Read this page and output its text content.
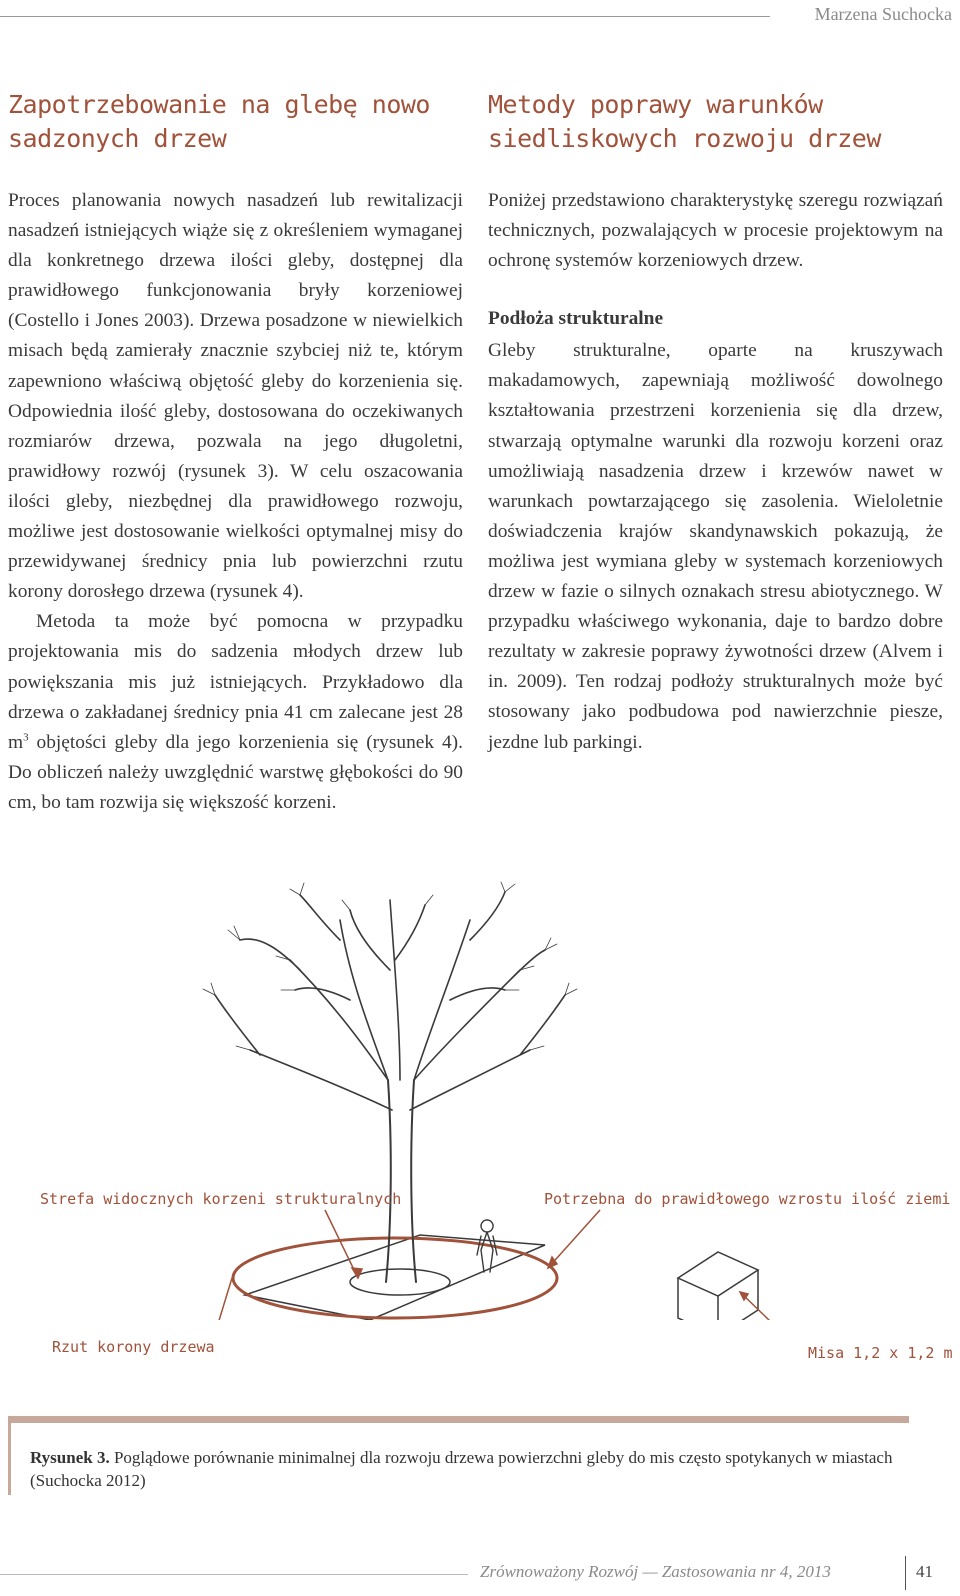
Marzena Suchocka
Zapotrzebowanie na glebę nowo sadzonych drzew

Proces planowania nowych nasadzeń lub rewitalizacji nasadzeń istniejących wiąże się z określeniem wymaganej dla konkretnego drzewa ilości gleby, dostępnej dla prawidłowego funkcjonowania bryły korzeniowej (Costello i Jones 2003). Drzewa posadzone w niewielkich misach będą zamierały znacznie szybciej niż te, którym zapewniono właściwą objętość gleby do korzenienia się. Odpowiednia ilość gleby, dostosowana do oczekiwanych rozmiarów drzewa, pozwala na jego długoletni, prawidłowy rozwój (rysunek 3). W celu oszacowania ilości gleby, niezbędnej dla prawidłowego rozwoju, możliwe jest dostosowanie wielkości optymalnej misy do przewidywanej średnicy pnia lub powierzchni rzutu korony dorosłego drzewa (rysunek 4).

Metoda ta może być pomocna w przypadku projektowania mis do sadzenia młodych drzew lub powiększania mis już istniejących. Przykładowo dla drzewa o zakładanej średnicy pnia 41 cm zalecane jest 28 $m^3$ objętości gleby dla jego korzenienia się (rysunek 4). Do obliczeń należy uwzględnić warstwę głębokości do 90 cm, bo tam rozwija się większość korzeni.

Metody poprawy warunków siedliskowych rozwoju drzew

Poniżej przedstawiono charakterystykę szeregu rozwiązań technicznych, pozwalających w procesie projektowym na ochronę systemów korzeniowych drzew.

Podłoża strukturalne

Gleby strukturalne, oparte na kruszywach makadamowych, zapewniają możliwość dowolnego kształtowania przestrzeni korzenienia się dla drzew, stwarzają optymalne warunki dla rozwoju korzeni oraz umożliwiają nasadzenia drzew i krzewów nawet w warunkach powtarzającego się zasolenia. Wieloletnie doświadczenia krajów skandynawskich pokazują, że możliwa jest wymiana gleby w systemach korzeniowych drzew w fazie o silnych oznakach stresu abiotycznego. W przypadku właściwego wykonania, daje to bardzo dobre rezultaty w zakresie poprawy żywotności drzew (Alvem i in. 2009). Ten rodzaj podłoży strukturalnych może być stosowany jako podbudowa pod nawierzchnie piesze, jezdne lub parkingi.

Strefa widocznych korzeni strukturalnych	Potrzebna do prawidłowego wzrostu ilość ziemi
Rzut korony drzewa	Misa 1,2 x 1,2 m
Rysunek 3. Poglądowe porównanie minimalnej dla rozwoju drzewa powierzchni gleby do mis często spotykanych w miastach (Suchocka 2012)
Zrównoważony Rozwój — Zastosowania nr 4, 2013	41
